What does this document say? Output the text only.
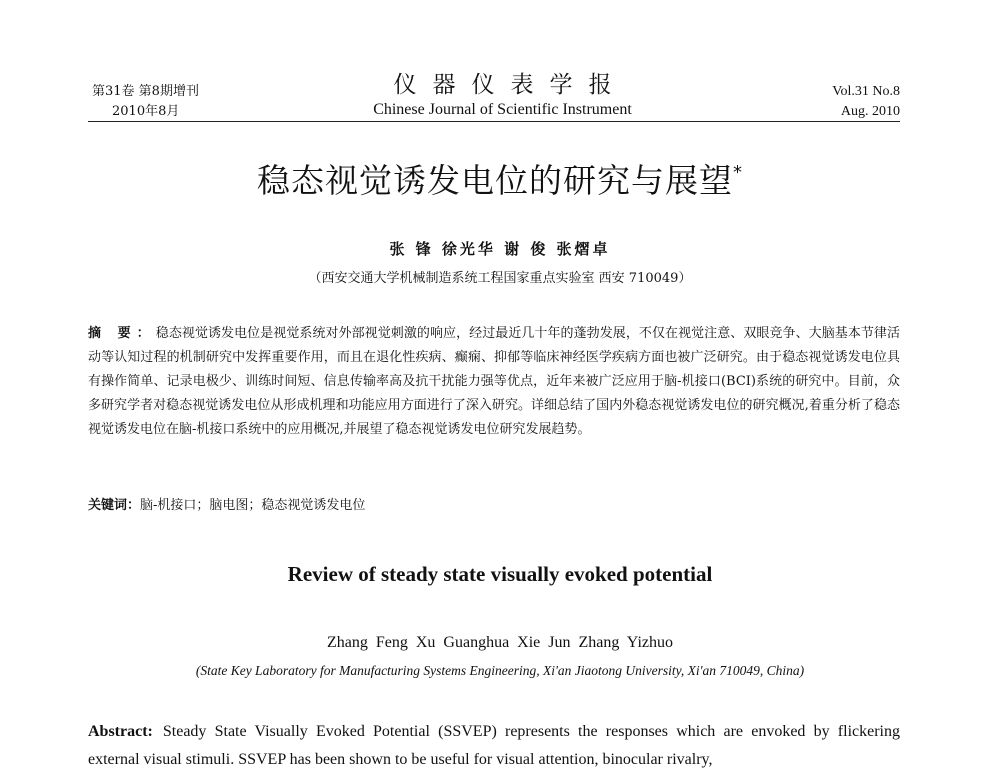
第31卷 第8期增刊
2010年8月
仪器仪表学报
Chinese Journal of Scientific Instrument
Vol.31 No.8
Aug. 2010
稳态视觉诱发电位的研究与展望*
张 锋 徐光华 谢 俊 张熠卓
（西安交通大学机械制造系统工程国家重点实验室 西安 710049）
摘 要：稳态视觉诱发电位是视觉系统对外部视觉刺激的响应，经过最近几十年的蓬勃发展，不仅在视觉注意、双眼竞争、大脑基本节律活动等认知过程的机制研究中发挥重要作用，而且在退化性疾病、癫痫、抑郁等临床神经医学疾病方面也被广泛研究。由于稳态视觉诱发电位具有操作简单、记录电极少、训练时间短、信息传输率高及抗干扰能力强等优点，近年来被广泛应用于脑-机接口(BCI)系统的研究中。目前，众多研究学者对稳态视觉诱发电位从形成机理和功能应用方面进行了深入研究。详细总结了国内外稳态视觉诱发电位的研究概况,着重分析了稳态视觉诱发电位在脑-机接口系统中的应用概况,并展望了稳态视觉诱发电位研究发展趋势。
关键词：脑-机接口；脑电图；稳态视觉诱发电位
Review of steady state visually evoked potential
Zhang Feng Xu Guanghua Xie Jun Zhang Yizhuo
(State Key Laboratory for Manufacturing Systems Engineering, Xi'an Jiaotong University, Xi'an 710049, China)
Abstract: Steady State Visually Evoked Potential (SSVEP) represents the responses which are envoked by flickering external visual stimuli. SSVEP has been shown to be useful for visual attention, binocular rivalry,
